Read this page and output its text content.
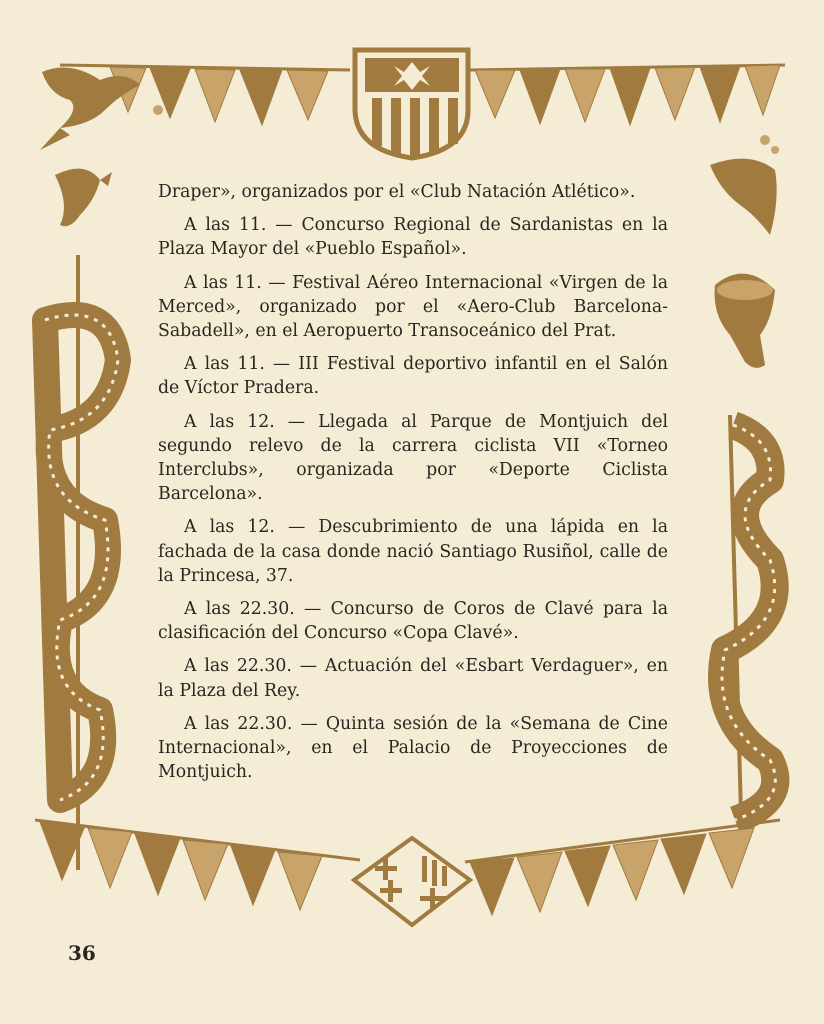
Draper», organizados por el «Club Natación Atlético».

A las 11. — Concurso Regional de Sardanistas en la Plaza Mayor del «Pueblo Español».

A las 11. — Festival Aéreo Internacional «Virgen de la Merced», organizado por el «Aero-Club Barcelona-Sabadell», en el Aeropuerto Transoceánico del Prat.

A las 11. — III Festival deportivo infantil en el Salón de Víctor Pradera.

A las 12. — Llegada al Parque de Montjuich del segundo relevo de la carrera ciclista VII «Torneo Interclubs», organizada por «Deporte Ciclista Barcelona».

A las 12. — Descubrimiento de una lápida en la fachada de la casa donde nació Santiago Rusiñol, calle de la Princesa, 37.

A las 22.30. — Concurso de Coros de Clavé para la clasificación del Concurso «Copa Clavé».

A las 22.30. — Actuación del «Esbart Verdaguer», en la Plaza del Rey.

A las 22.30. — Quinta sesión de la «Semana de Cine Internacional», en el Palacio de Proyecciones de Montjuich.

36
